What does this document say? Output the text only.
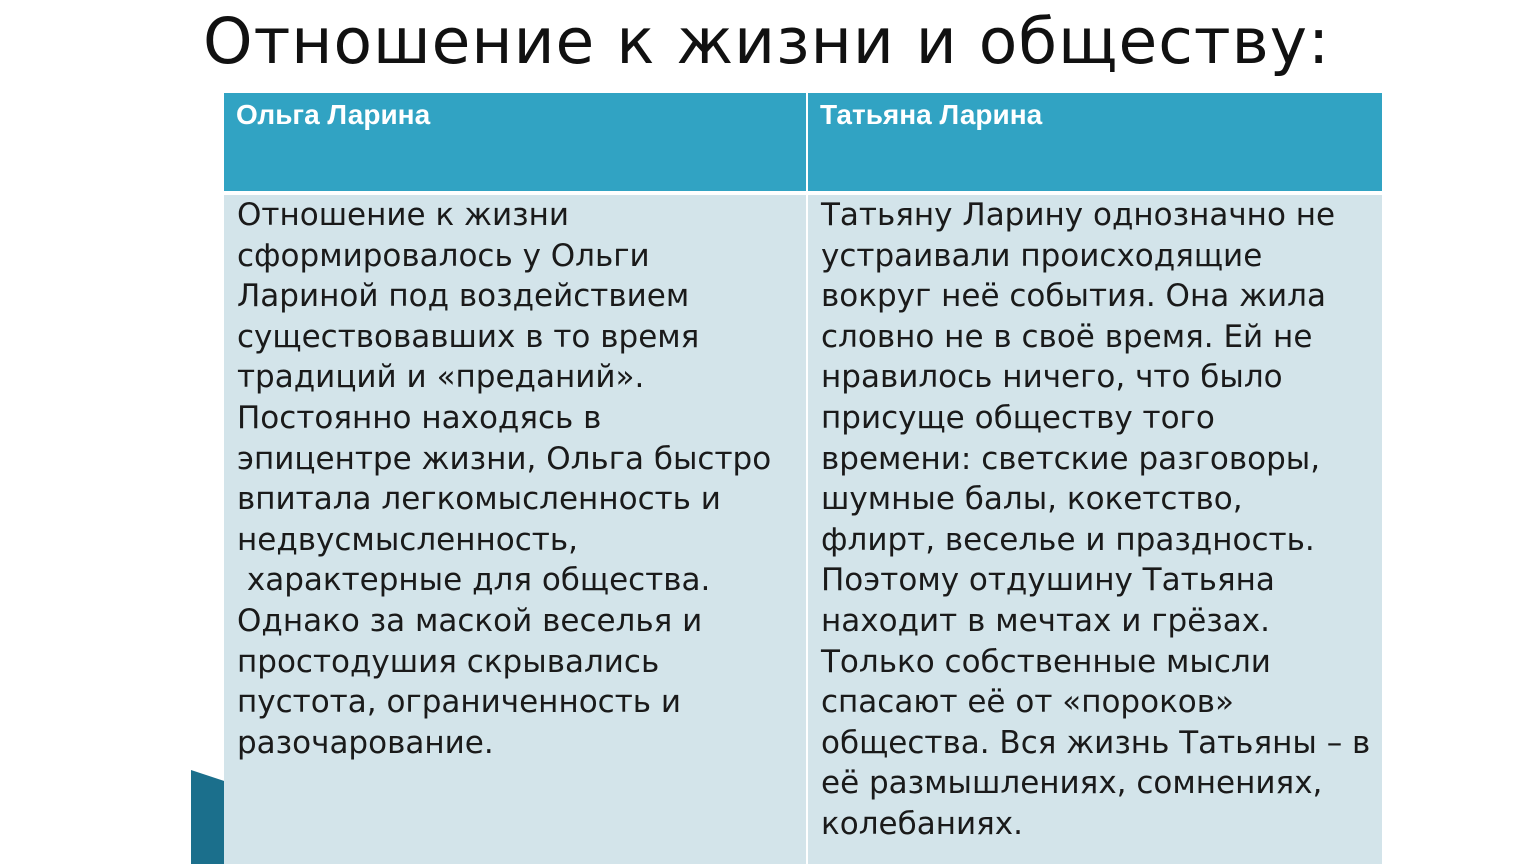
Отношение к жизни и обществу:
Ольга Ларина	Татьяна Ларина

Отношение к жизни
сформировалось у Ольги
Лариной под воздействием
существовавших в то время
традиций и «преданий».
Постоянно находясь в
эпицентре жизни, Ольга быстро
впитала легкомысленность и
недвусмысленность,
характерные для общества.
Однако за маской веселья и
простодушия скрывались
пустота, ограниченность и
разочарование.

Татьяну Ларину однозначно не
устраивали происходящие
вокруг неё события. Она жила
словно не в своё время. Ей не
нравилось ничего, что было
присуще обществу того
времени: светские разговоры,
шумные балы, кокетство,
флирт, веселье и праздность.
Поэтому отдушину Татьяна
находит в мечтах и грёзах.
Только собственные мысли
спасают её от «пороков»
общества. Вся жизнь Татьяны – в
её размышлениях, сомнениях,
колебаниях.
